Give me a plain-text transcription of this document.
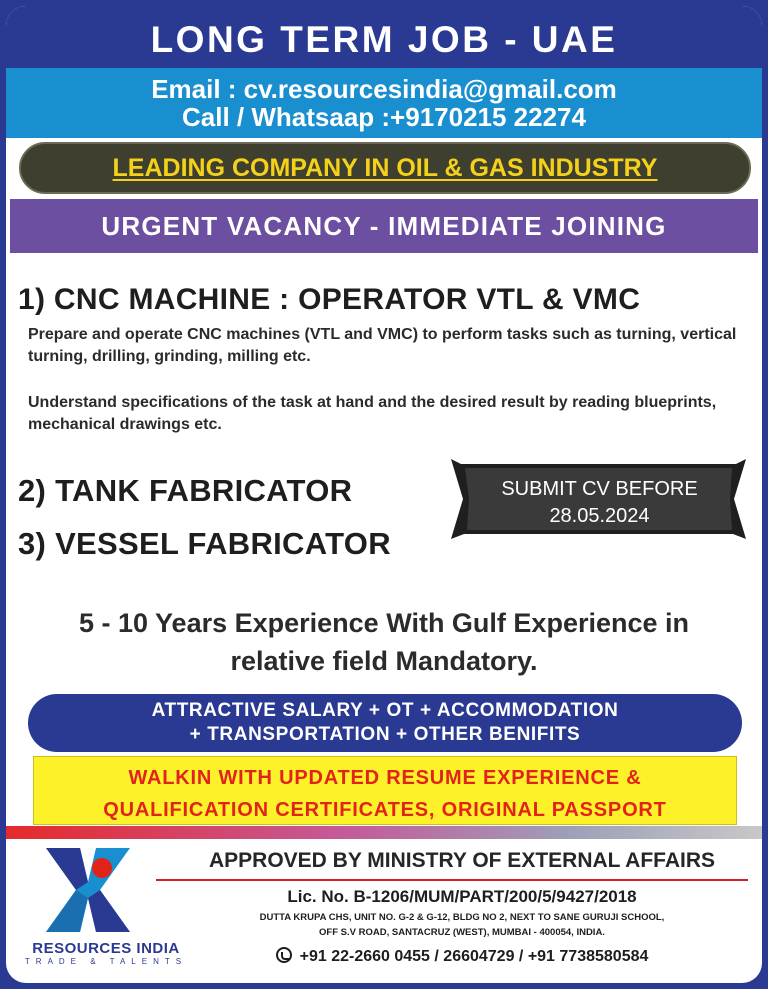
LONG TERM JOB - UAE
Email : cv.resourcesindia@gmail.com
Call / Whatsaap :+9170215 22274
LEADING COMPANY IN OIL & GAS INDUSTRY
URGENT VACANCY - IMMEDIATE JOINING
1) CNC MACHINE : OPERATOR VTL & VMC
Prepare and operate CNC machines (VTL and VMC) to perform tasks such as turning, vertical turning, drilling, grinding, milling etc.
Understand specifications of the task at hand and the desired result by reading blueprints, mechanical drawings etc.
2) TANK FABRICATOR
3) VESSEL FABRICATOR
SUBMIT CV BEFORE
28.05.2024
5 - 10 Years Experience With Gulf Experience in
relative field Mandatory.
ATTRACTIVE SALARY + OT + ACCOMMODATION
+ TRANSPORTATION + OTHER BENIFITS
WALKIN WITH UPDATED RESUME EXPERIENCE &
QUALIFICATION CERTIFICATES, ORIGINAL PASSPORT
RESOURCES INDIA
TRADE & TALENTS
APPROVED BY MINISTRY OF EXTERNAL AFFAIRS
Lic. No. B-1206/MUM/PART/200/5/9427/2018
DUTTA KRUPA CHS, UNIT NO. G-2 & G-12, BLDG NO 2, NEXT TO SANE GURUJI SCHOOL,
OFF S.V ROAD, SANTACRUZ (WEST), MUMBAI - 400054, INDIA.
+91 22-2660 0455 / 26604729 / +91 7738580584
